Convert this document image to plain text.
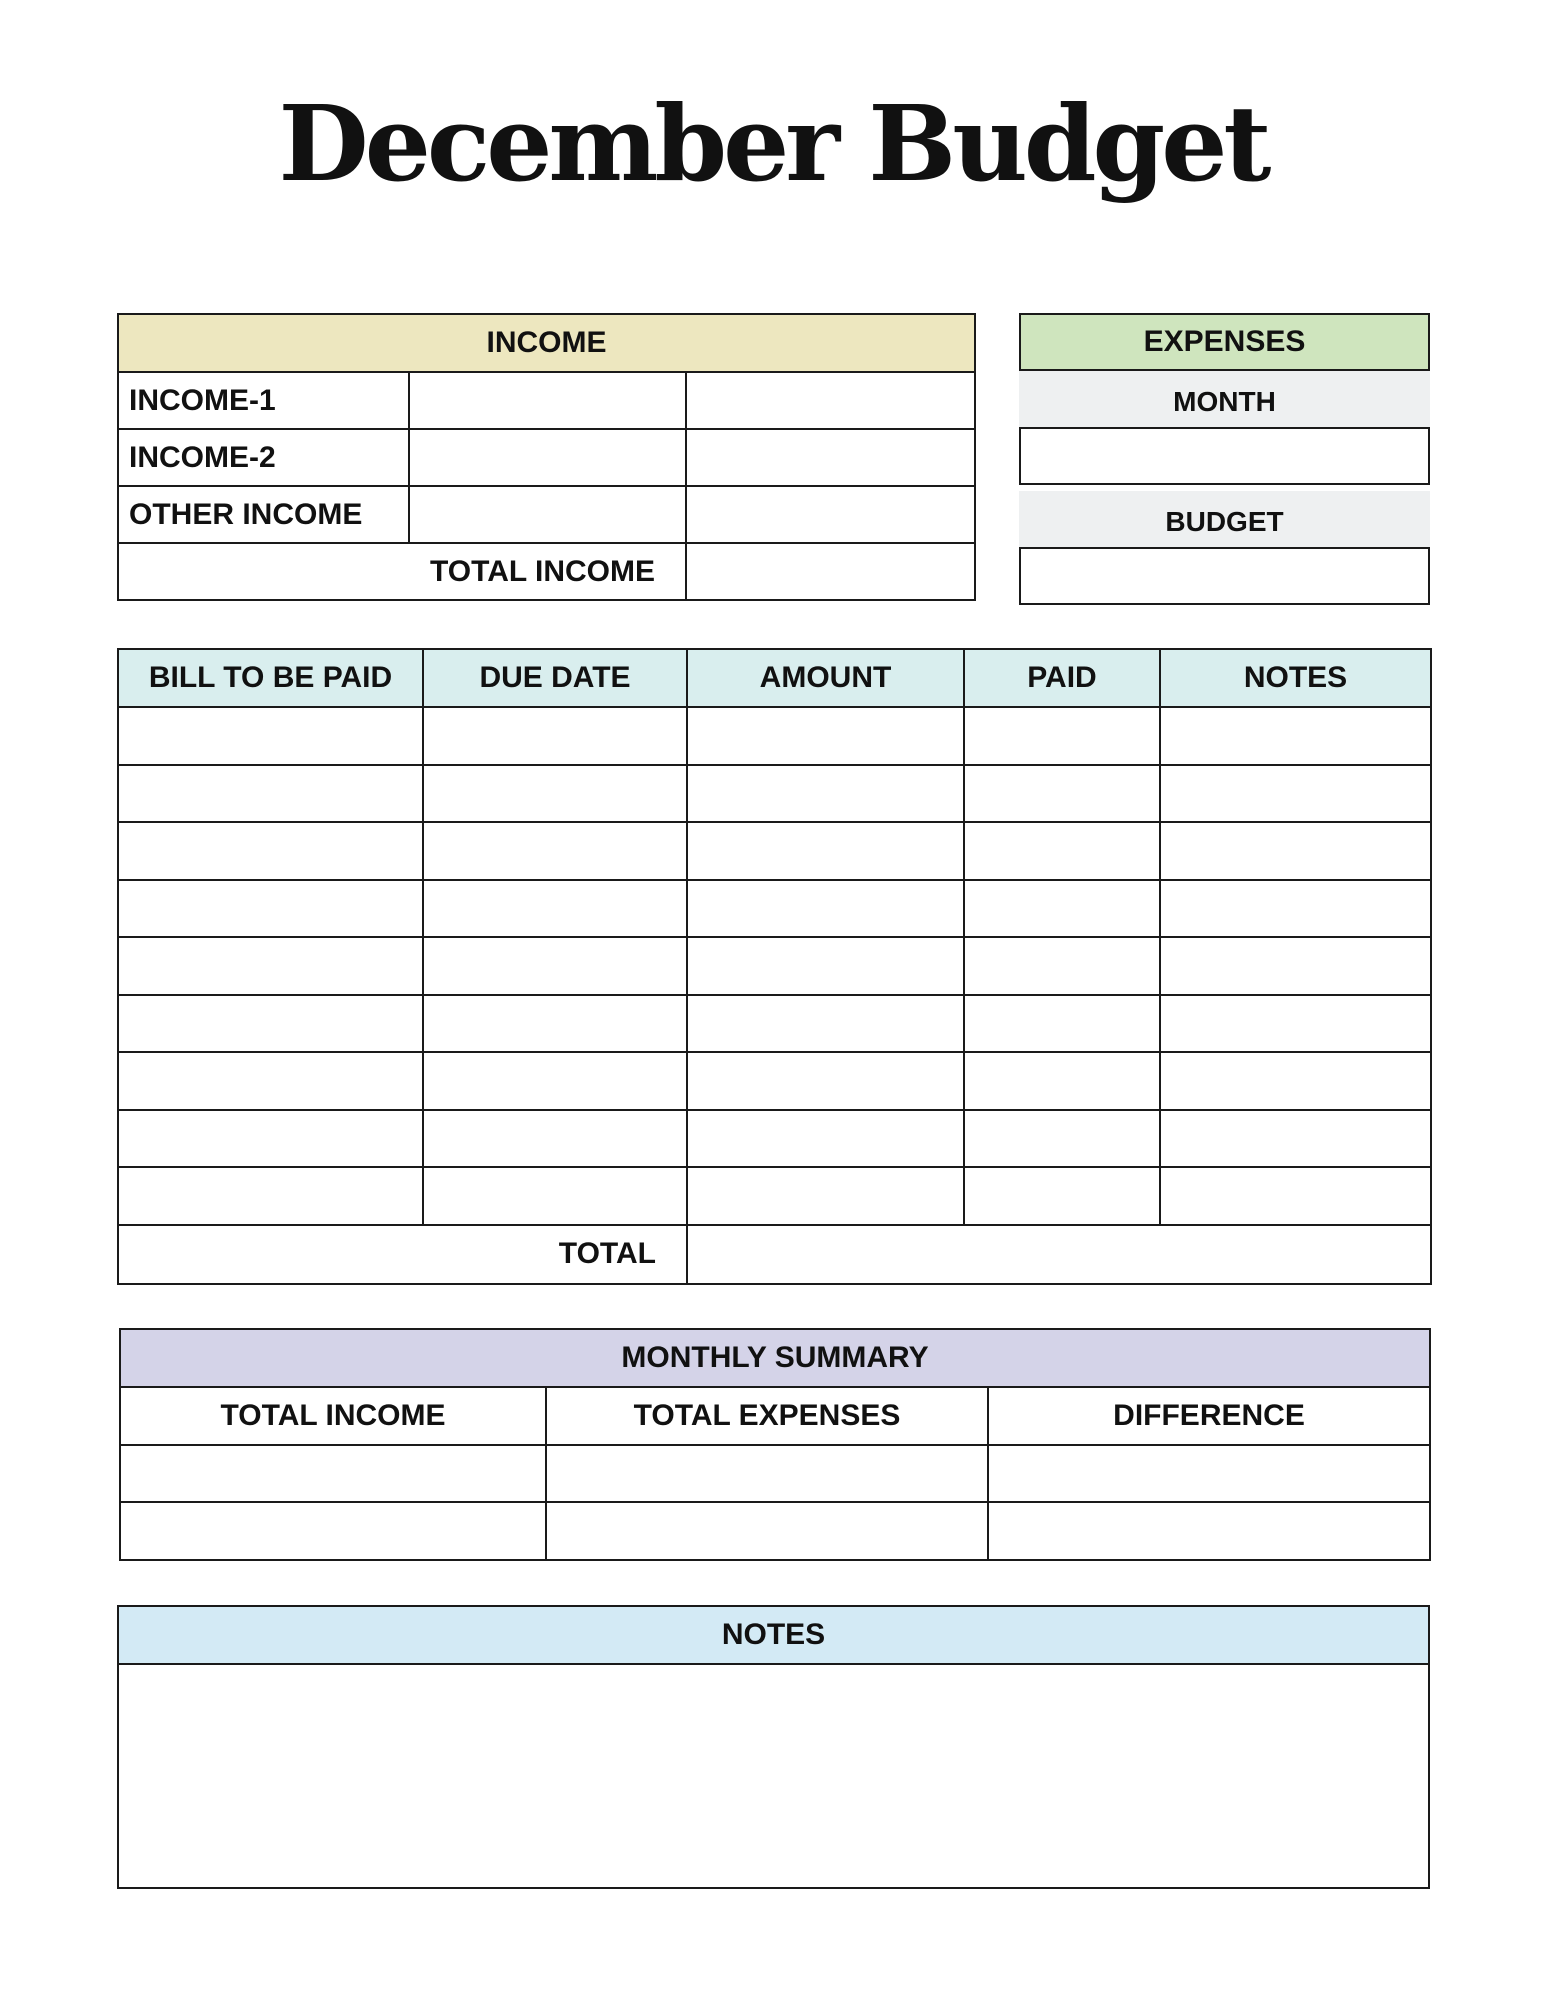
December Budget
INCOME		
INCOME-1		
INCOME-2		
OTHER INCOME		
TOTAL INCOME		
EXPENSES
MONTH
BUDGET
BILL TO BE PAID	DUE DATE	AMOUNT	PAID	NOTES

TOTAL				
MONTHLY SUMMARY		
TOTAL INCOME	TOTAL EXPENSES	DIFFERENCE

NOTES
